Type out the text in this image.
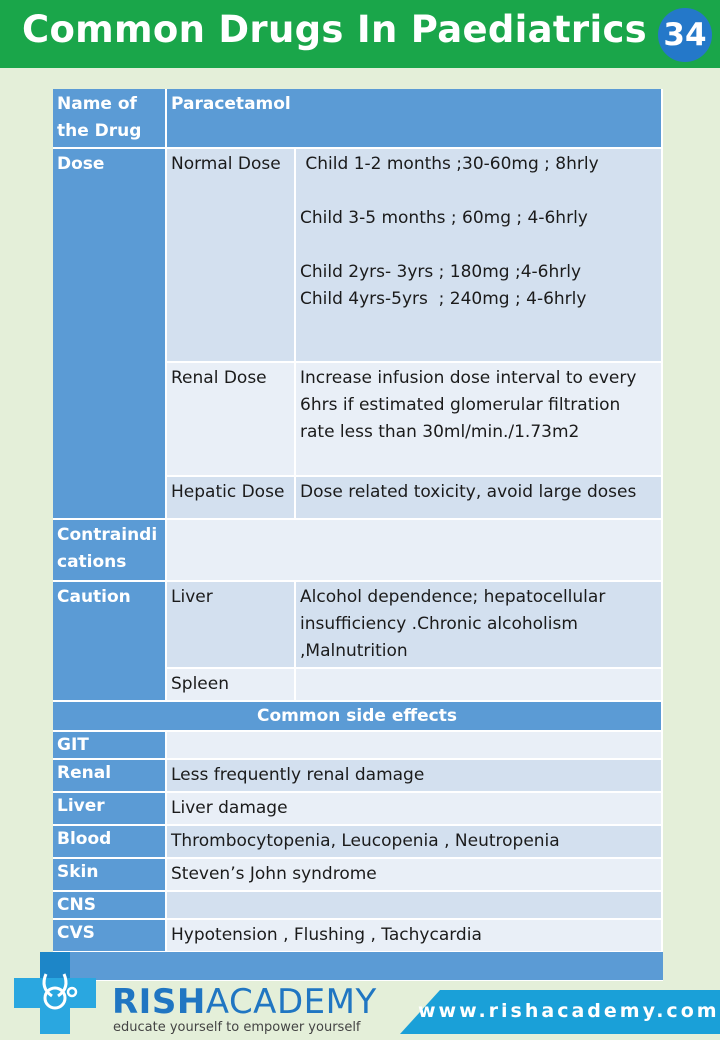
Common Drugs In Paediatrics 34
Name of the Drug	Paracetamol	
Dose	Normal Dose	Child 1-2 months ;30-60mg ; 8hrly
Child 3-5 months ; 60mg ; 4-6hrly
Child 2yrs- 3yrs ; 180mg ;4-6hrly
Child 4yrs-5yrs  ; 240mg ; 4-6hrly

	Renal Dose	Increase infusion dose interval to every 6hrs if estimated glomerular filtration rate less than 30ml/min./1.73m2
	Hepatic Dose	Dose related toxicity, avoid large doses
Contraindications		
Caution	Liver	Alcohol dependence; hepatocellular insufficiency .Chronic alcoholism ,Malnutrition
	Spleen	
Common side effects		
GIT		
Renal	Less frequently renal damage	
Liver	Liver damage	
Blood	Thrombocytopenia, Leucopenia , Neutropenia	
Skin	Steven’s John syndrome	
CNS		
CVS	Hypotension , Flushing , Tachycardia	

RISHACADEMY
educate yourself to empower yourself
www.rishacademy.com
